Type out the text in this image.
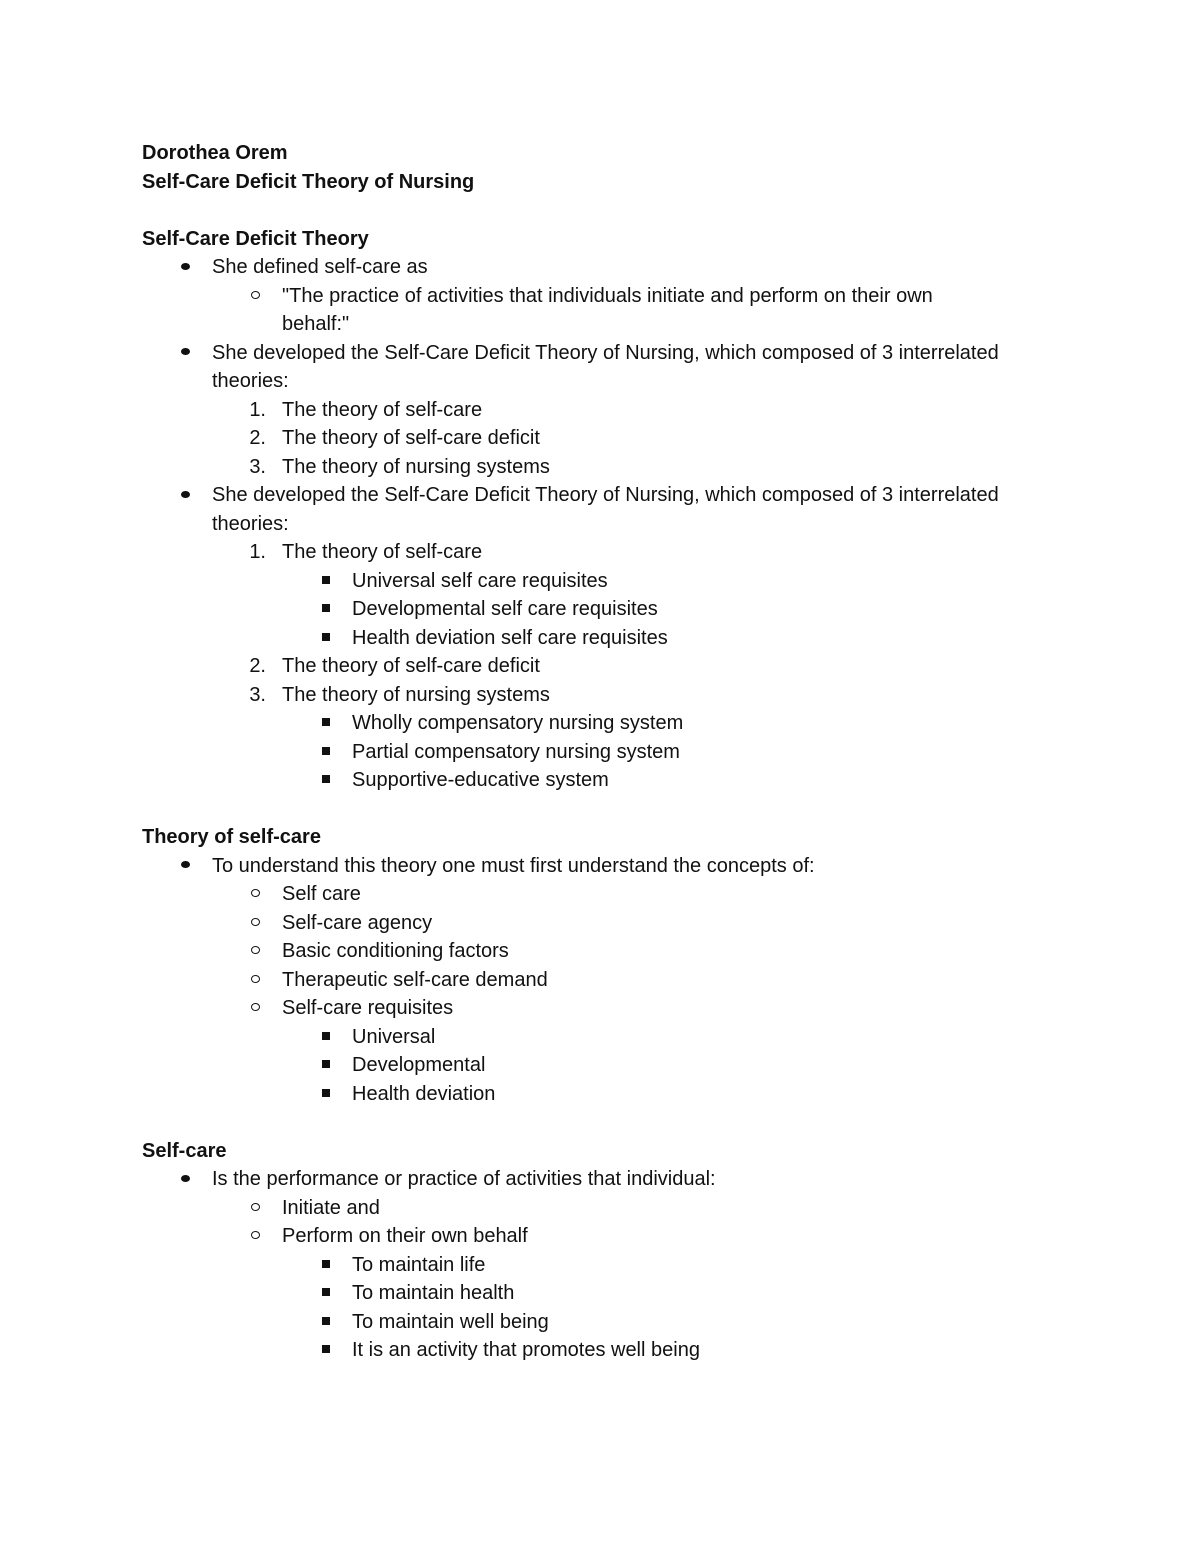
Dorothea Orem
Self-Care Deficit Theory of Nursing
Self-Care Deficit Theory
She defined self-care as
"The practice of activities that individuals initiate and perform on their own behalf:"
She developed the Self-Care Deficit Theory of Nursing, which composed of 3 interrelated theories:
1. The theory of self-care
2. The theory of self-care deficit
3. The theory of nursing systems
She developed the Self-Care Deficit Theory of Nursing, which composed of 3 interrelated theories:
1. The theory of self-care
Universal self care requisites
Developmental self care requisites
Health deviation self care requisites
2. The theory of self-care deficit
3. The theory of nursing systems
Wholly compensatory nursing system
Partial compensatory nursing system
Supportive-educative system
Theory of self-care
To understand this theory one must first understand the concepts of:
Self care
Self-care agency
Basic conditioning factors
Therapeutic self-care demand
Self-care requisites
Universal
Developmental
Health deviation
Self-care
Is the performance or practice of activities that individual:
Initiate and
Perform on their own behalf
To maintain life
To maintain health
To maintain well being
It is an activity that promotes well being
